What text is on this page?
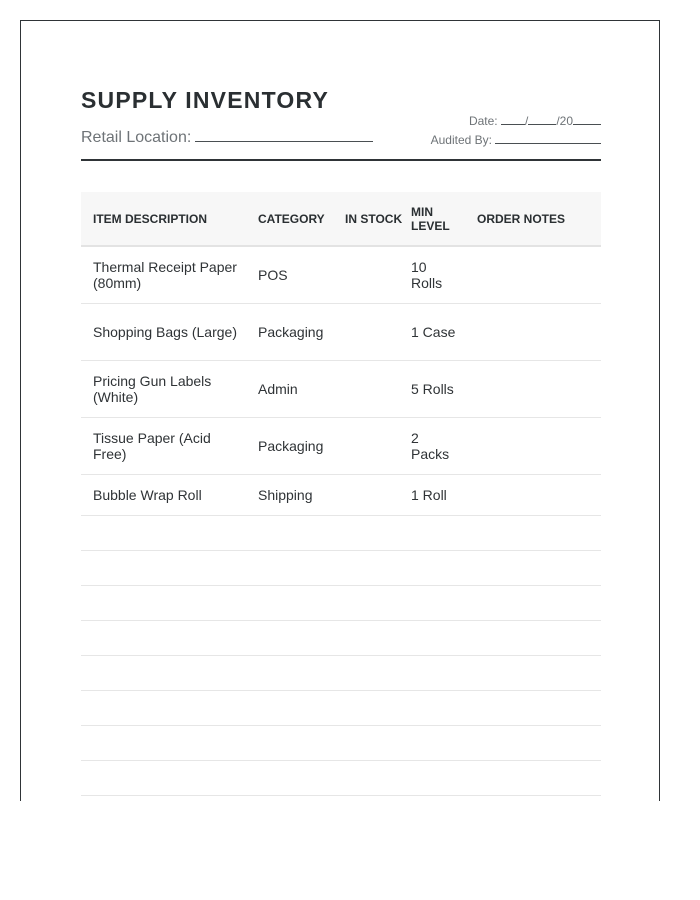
SUPPLY INVENTORY
Retail Location:
Date: / /20
Audited By:
ITEM DESCRIPTION	CATEGORY	IN STOCK	MIN LEVEL	ORDER NOTES
Thermal Receipt Paper (80mm)	POS		10 Rolls	
Shopping Bags (Large)	Packaging		1 Case	
Pricing Gun Labels (White)	Admin		5 Rolls	
Tissue Paper (Acid Free)	Packaging		2 Packs	
Bubble Wrap Roll	Shipping		1 Roll	
